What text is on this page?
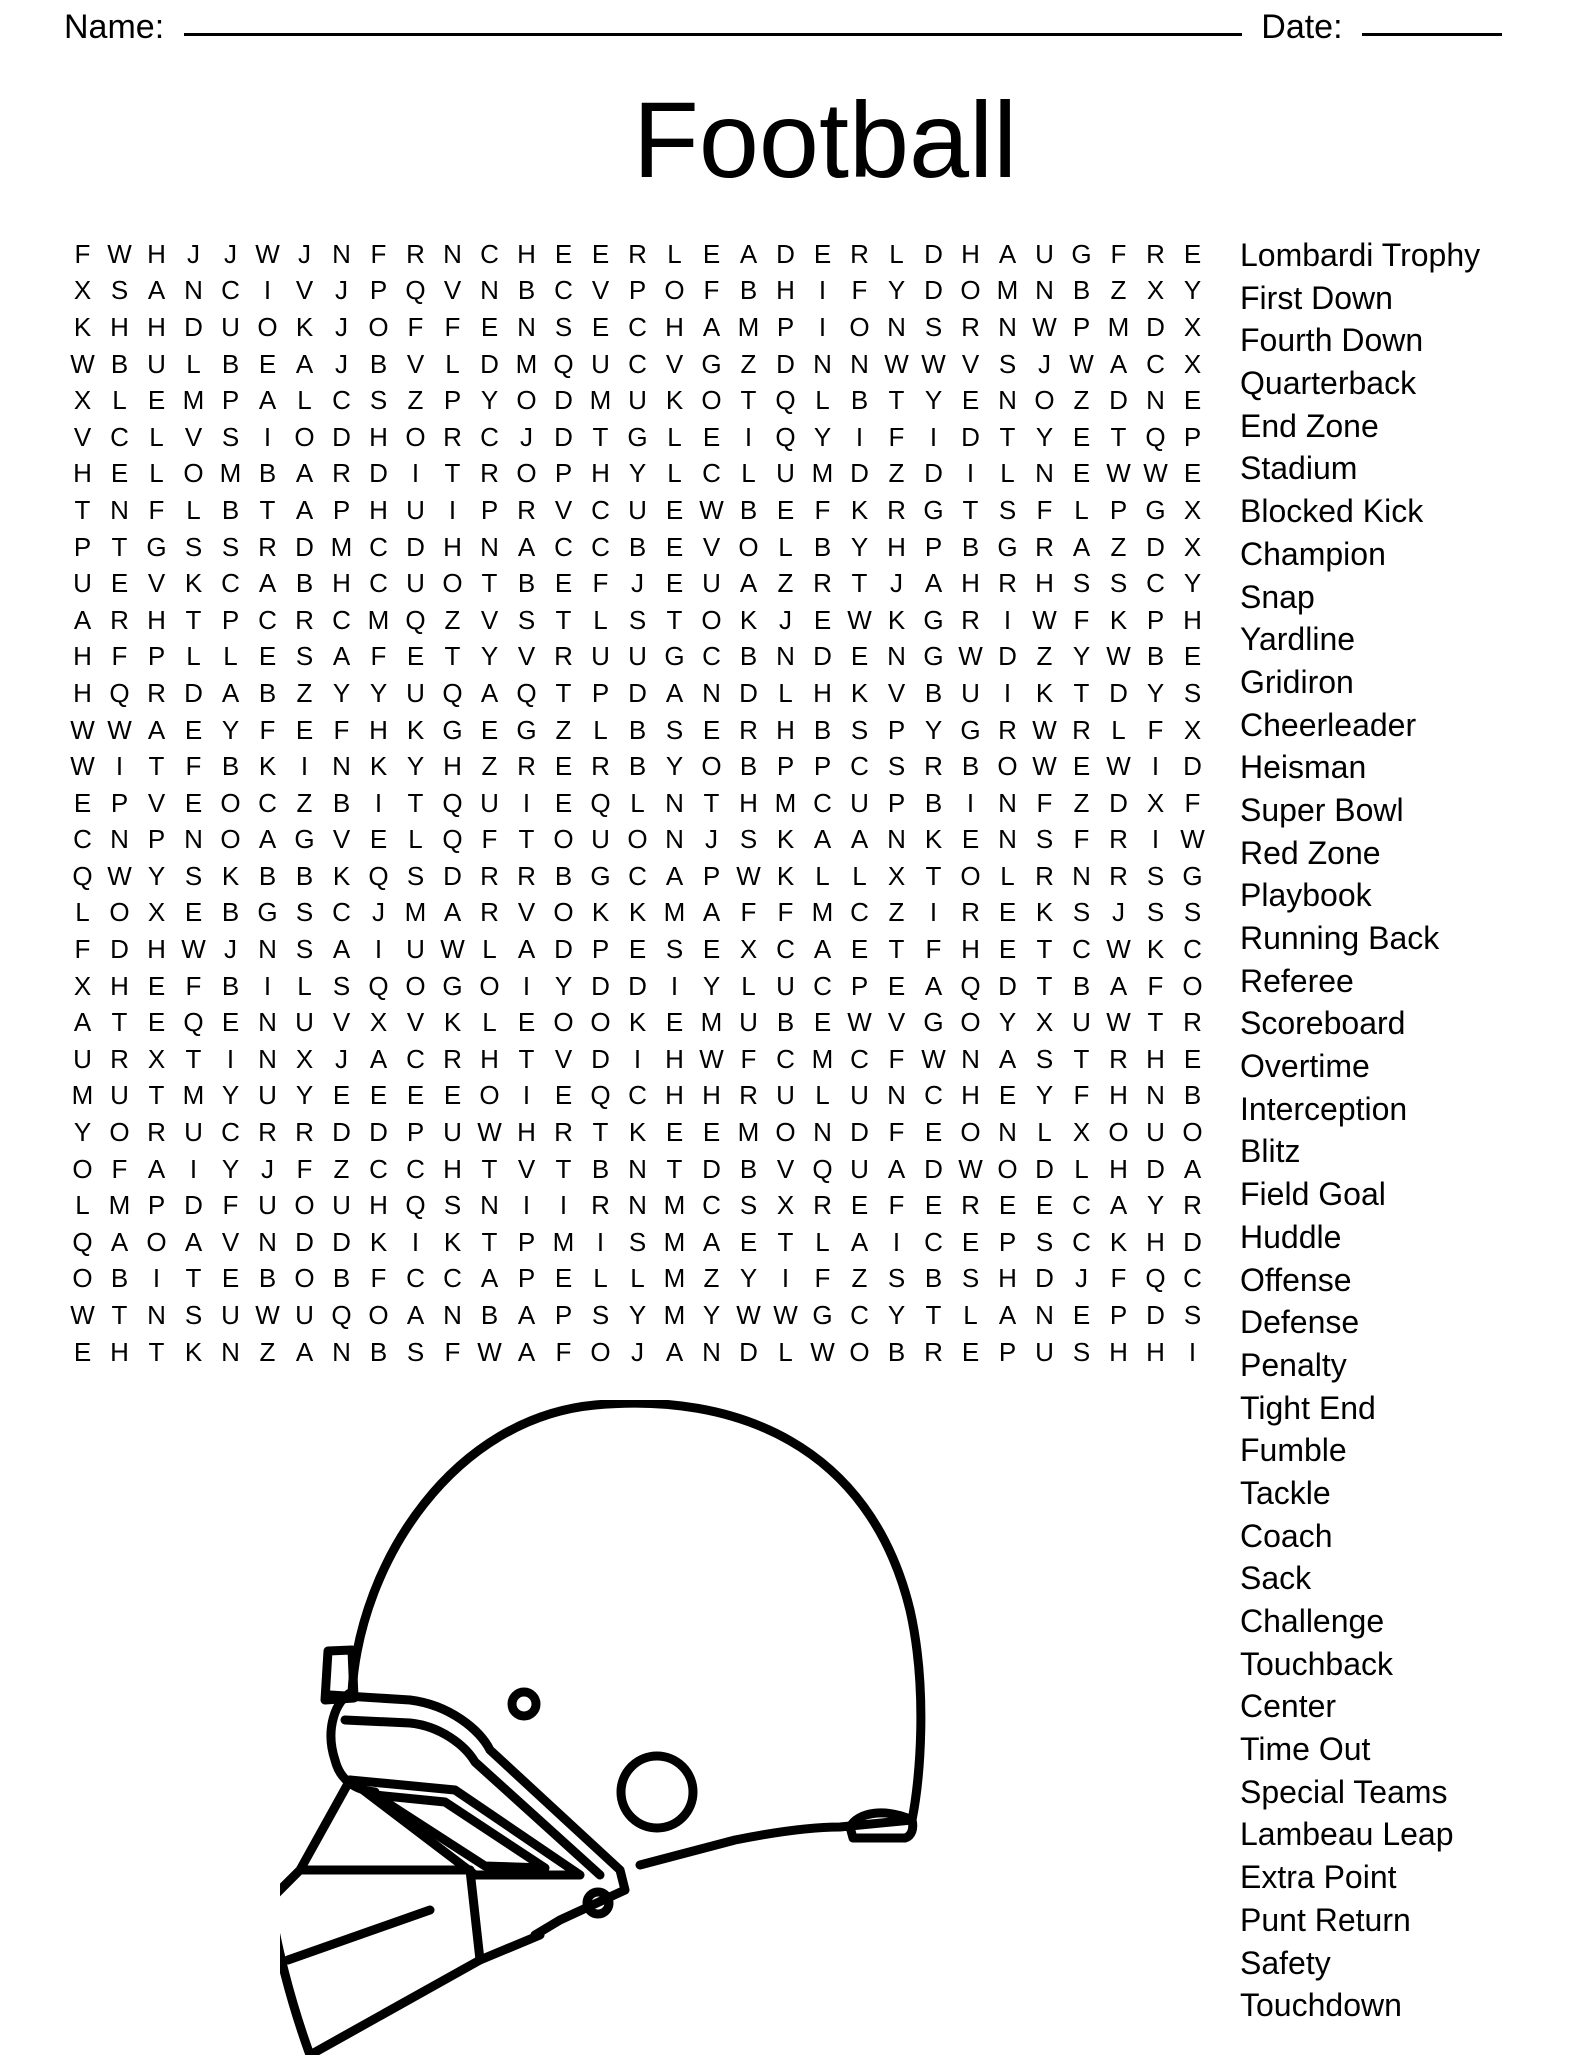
Name:	Date:
Football
F W H J J W J N F R N C H E E R L E A D E R L D H A U G F R E
X S A N C I V J P Q V N B C V P O F B H I F Y D O M N B Z X Y
K H H D U O K J O F F E N S E C H A M P I O N S R N W P M D X
W B U L B E A J B V L D M Q U C V G Z D N N W W V S J W A C X
X L E M P A L C S Z P Y O D M U K O T Q L B T Y E N O Z D N E
V C L V S I O D H O R C J D T G L E I Q Y I F I D T Y E T Q P
H E L O M B A R D I T R O P H Y L C L U M D Z D I	L N E W W E
T N F L B T A P H U I P R V C U E W B E F K R G T S F L P G X
P T G S S R D M C D H N A C C B E V O L B Y H P B G R A Z D X
U E V K C A B H C U O T B E F J E U A Z R T J A H R H S S C Y
A R H T P C R C M Q Z V S T L S T O K J E W K G R I W F K P H
H F P L L E S A F E T Y V R U U G C B N D E N G W D Z Y W B E
H Q R D A B Z Y Y U Q A Q T P D A N D L H K V B U I K T D Y S
W W A E Y F E F H K G E G Z L B S E R H B S P Y G R W R L F X
W I T F B K I N K Y H Z R E R B Y O B P P C S R B O W E W I D
E P V E O C Z B I T Q U I E Q L N T H M C U P B I N F Z D X F
C N P N O A G V E L Q F T O U O N J S K A A N K E N S F R I W
Q W Y S K B B K Q S D R R B G C A P W K L L X T O L R N R S G
L O X E B G S C J M A R V O K K M A F F M C Z I R E K S J S S
F D H W J N S A I U W L A D P E S E X C A E T F H E T C W K C
X H E F B I	L S Q O G O I Y D D I Y L U C P E A Q D T B A F O
A T E Q E N U V X V K L E O O K E M U B E W V G O Y X U W T R
U R X T I N X J A C R H T V D I H W F C M C F W N A S T R H E
M U T M Y U Y E E E E O I E Q C H H R U L U N C H E Y F H N B
Y O R U C R R D D P U W H R T K E E M O N D F E O N L X O U O
O F A I Y J F Z C C H T V T B N T D B V Q U A D W O D L H D A
L M P D F U O U H Q S N I	I R N M C S X R E F E R E E C A Y R
Q A O A V N D D K I K T P M I S M A E T L A I C E P S C K H D
O B I T E B O B F C C A P E L L M Z Y I F Z S B S H D J F Q C
W T N S U W U Q O A N B A P S Y M Y W W G C Y T L A N E P D S
E H T K N Z A N B S F W A F O J A N D L W O B R E P U S H H I
Lombardi Trophy
First Down
Fourth Down
Quarterback
End Zone
Stadium
Blocked Kick
Champion
Snap
Yardline
Gridiron
Cheerleader
Heisman
Super Bowl
Red Zone
Playbook
Running Back
Referee
Scoreboard
Overtime
Interception
Blitz
Field Goal
Huddle
Offense
Defense
Penalty
Tight End
Fumble
Tackle
Coach
Sack
Challenge
Touchback
Center
Time Out
Special Teams
Lambeau Leap
Extra Point
Punt Return
Safety
Touchdown
